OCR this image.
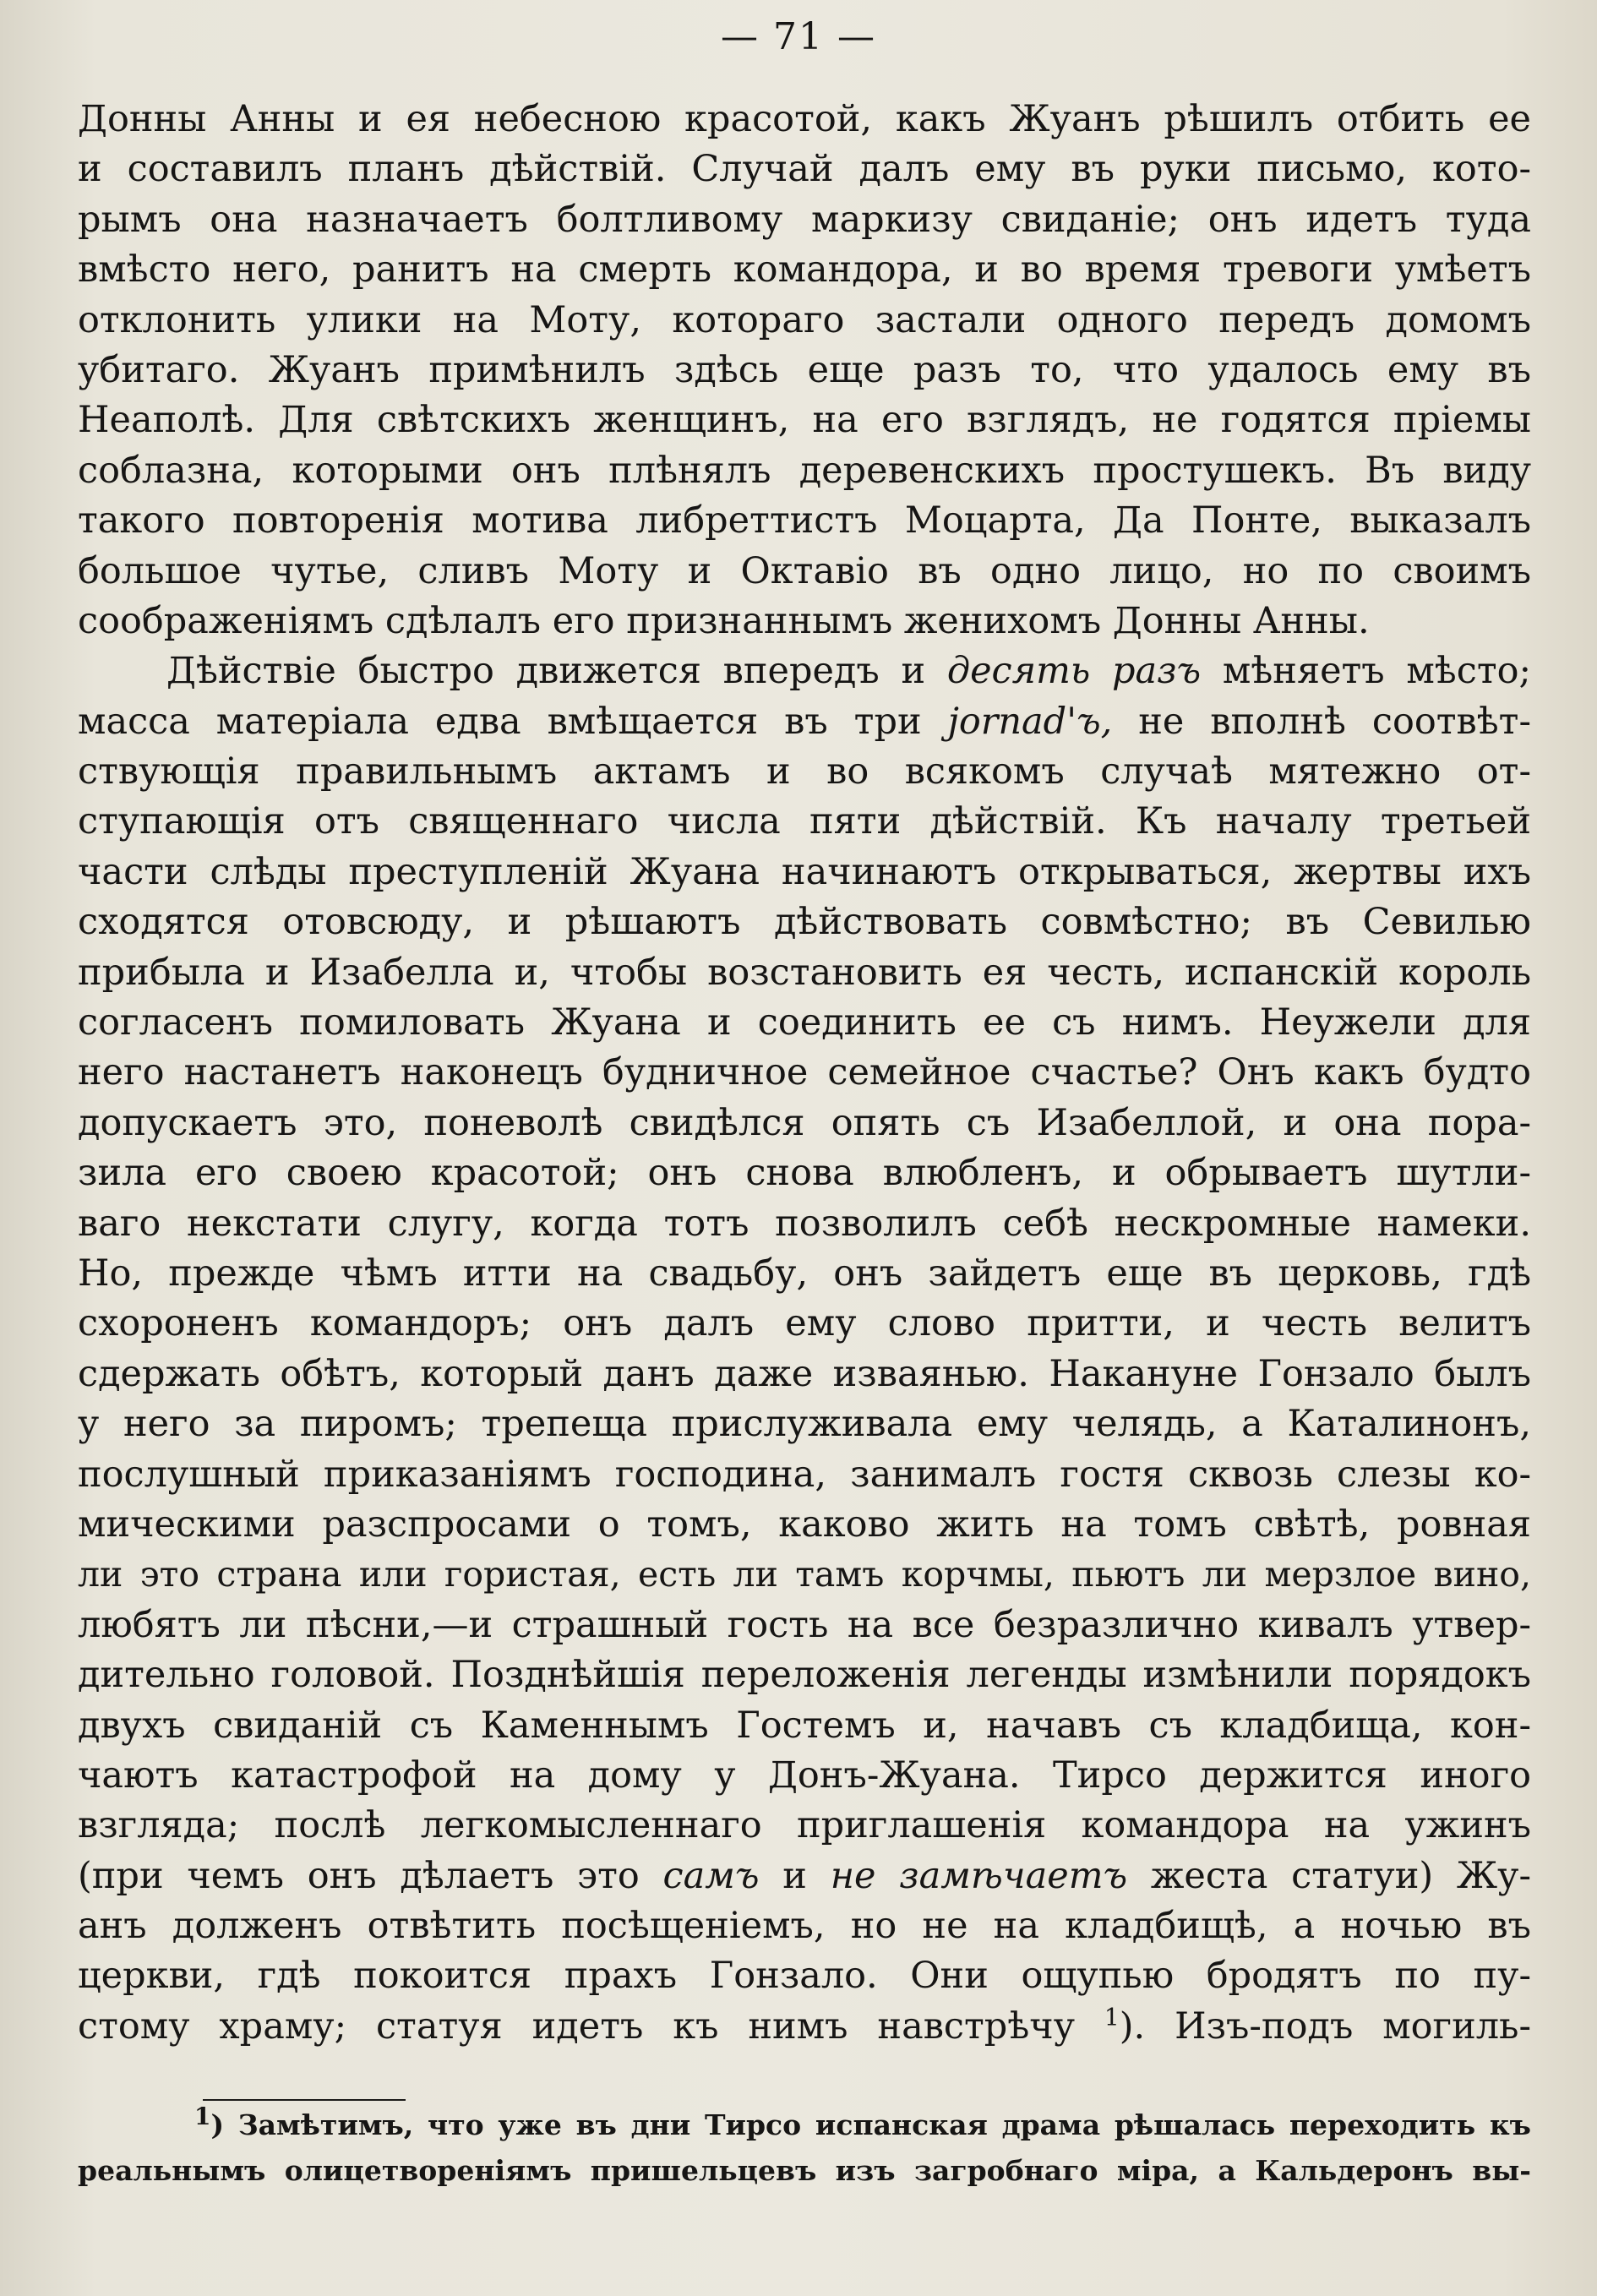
— 71 —
Донны Анны и ея небесною красотой, какъ Жуанъ рѣшилъ отбить ее
и составилъ планъ дѣйствій. Случай далъ ему въ руки письмо, кото-
рымъ она назначаетъ болтливому маркизу свиданіе; онъ идетъ туда
вмѣсто него, ранитъ на смерть командора, и во время тревоги умѣетъ
отклонить улики на Моту, котораго застали одного передъ домомъ
убитаго. Жуанъ примѣнилъ здѣсь еще разъ то, что удалось ему въ
Неаполѣ. Для свѣтскихъ женщинъ, на его взглядъ, не годятся пріемы
соблазна, которыми онъ плѣнялъ деревенскихъ простушекъ. Въ виду
такого повторенія мотива либреттистъ Моцарта, Да Понте, выказалъ
большое чутье, сливъ Моту и Октавіо въ одно лицо, но по своимъ
соображеніямъ сдѣлалъ его признаннымъ женихомъ Донны Анны.
Дѣйствіе быстро движется впередъ и десять разъ мѣняетъ мѣсто;
масса матеріала едва вмѣщается въ три jornad'ъ, не вполнѣ соотвѣт-
ствующія правильнымъ актамъ и во всякомъ случаѣ мятежно от-
ступающія отъ священнаго числа пяти дѣйствій. Къ началу третьей
части слѣды преступленій Жуана начинаютъ открываться, жертвы ихъ
сходятся отовсюду, и рѣшаютъ дѣйствовать совмѣстно; въ Севилью
прибыла и Изабелла и, чтобы возстановить ея честь, испанскій король
согласенъ помиловать Жуана и соединить ее съ нимъ. Неужели для
него настанетъ наконецъ будничное семейное счастье? Онъ какъ будто
допускаетъ это, поневолѣ свидѣлся опять съ Изабеллой, и она пора-
зила его своею красотой; онъ снова влюбленъ, и обрываетъ шутли-
ваго некстати слугу, когда тотъ позволилъ себѣ нескромные намеки.
Но, прежде чѣмъ итти на свадьбу, онъ зайдетъ еще въ церковь, гдѣ
схороненъ командоръ; онъ далъ ему слово притти, и честь велитъ
сдержать обѣтъ, который данъ даже изваянью. Накануне Гонзало былъ
у него за пиромъ; трепеща прислуживала ему челядь, а Каталинонъ,
послушный приказаніямъ господина, занималъ гостя сквозь слезы ко-
мическими разспросами о томъ, каково жить на томъ свѣтѣ, ровная
ли это страна или гористая, есть ли тамъ корчмы, пьютъ ли мерзлое вино,
любятъ ли пѣсни,—и страшный гость на все безразлично кивалъ утвер-
дительно головой. Позднѣйшія переложенія легенды измѣнили порядокъ
двухъ свиданій съ Каменнымъ Гостемъ и, начавъ съ кладбища, кон-
чаютъ катастрофой на дому у Донъ-Жуана. Тирсо держится иного
взгляда; послѣ легкомысленнаго приглашенія командора на ужинъ
(при чемъ онъ дѣлаетъ это самъ и не замѣчаетъ жеста статуи) Жу-
анъ долженъ отвѣтить посѣщеніемъ, но не на кладбищѣ, а ночью въ
церкви, гдѣ покоится прахъ Гонзало. Они ощупью бродятъ по пу-
стому храму; статуя идетъ къ нимъ навстрѣчу $^1$). Изъ-подъ могиль-
$^1$) Замѣтимъ, что уже въ дни Тирсо испанская драма рѣшалась переходить къ
реальнымъ олицетвореніямъ пришельцевъ изъ загробнаго міра, а Кальдеронъ вы-
